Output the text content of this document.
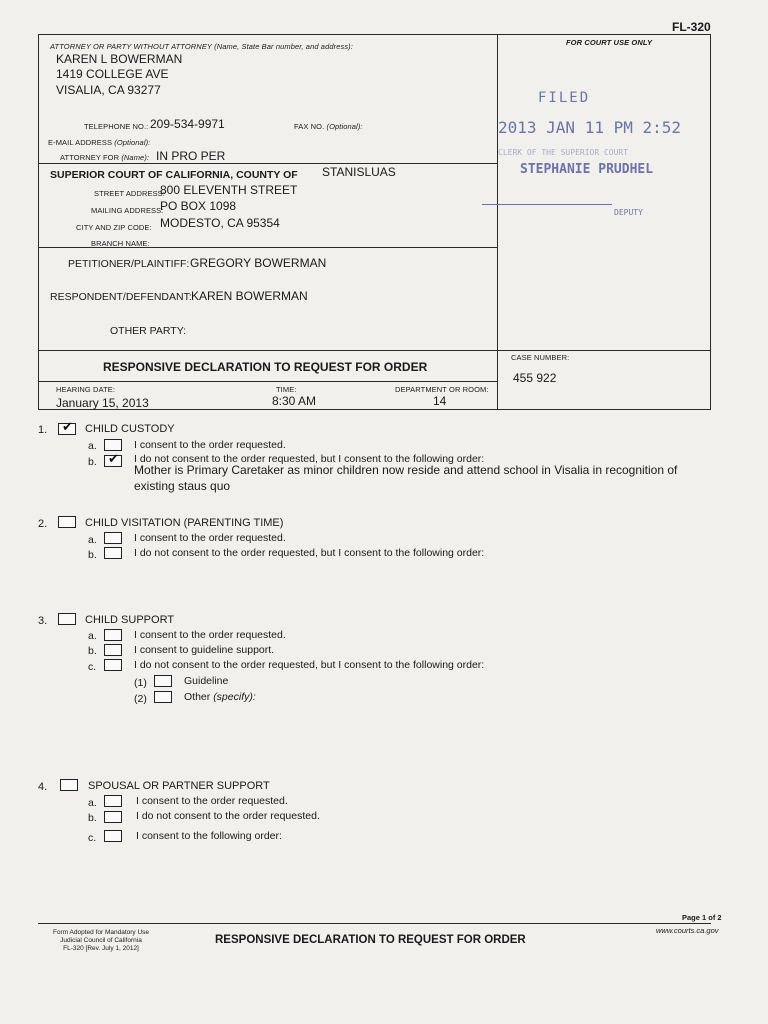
FL-320
ATTORNEY OR PARTY WITHOUT ATTORNEY (Name, State Bar number, and address):	FOR COURT USE ONLY
KAREN L BOWERMAN
1419 COLLEGE AVE
VISALIA, CA 93277
TELEPHONE NO.: 209-534-9971	FAX NO. (Optional):
E-MAIL ADDRESS (Optional):
ATTORNEY FOR (Name): IN PRO PER
SUPERIOR COURT OF CALIFORNIA, COUNTY OF STANISLUAS
STREET ADDRESS:
800 ELEVENTH STREET
MAILING ADDRESS:
PO BOX 1098
CITY AND ZIP CODE: MODESTO, CA 95354
BRANCH NAME:
FILED
2013 JAN 11 PM 2:52
CLERK OF THE SUPERIOR COURT
STEPHANIE PRUDHEL
DEPUTY
PETITIONER/PLAINTIFF: GREGORY BOWERMAN
RESPONDENT/DEFENDANT: KAREN BOWERMAN
OTHER PARTY:
RESPONSIVE DECLARATION TO REQUEST FOR ORDER
CASE NUMBER:
455 922
HEARING DATE:
January 15, 2013
TIME:
8:30 AM
DEPARTMENT OR ROOM:
14
1. ✔	CHILD CUSTODY
a.	I consent to the order requested.
b. ✔	I do not consent to the order requested, but I consent to the following order:
Mother is Primary Caretaker as minor children now reside and attend school in Visalia in recognition of
existing staus quo
2.	CHILD VISITATION (PARENTING TIME)
a.	I consent to the order requested.
b.	I do not consent to the order requested, but I consent to the following order:
3.	CHILD SUPPORT
a.	I consent to the order requested.
b.	I consent to guideline support.
c.	I do not consent to the order requested, but I consent to the following order:
(1)	Guideline
(2)	Other (specify):
4.	SPOUSAL OR PARTNER SUPPORT
a.	I consent to the order requested.
b.	I do not consent to the order requested.
c.	I consent to the following order:
Page 1 of 2
www.courts.ca.gov
Form Adopted for Mandatory Use
Judicial Council of California
FL-320 [Rev. July 1, 2012]
RESPONSIVE DECLARATION TO REQUEST FOR ORDER
